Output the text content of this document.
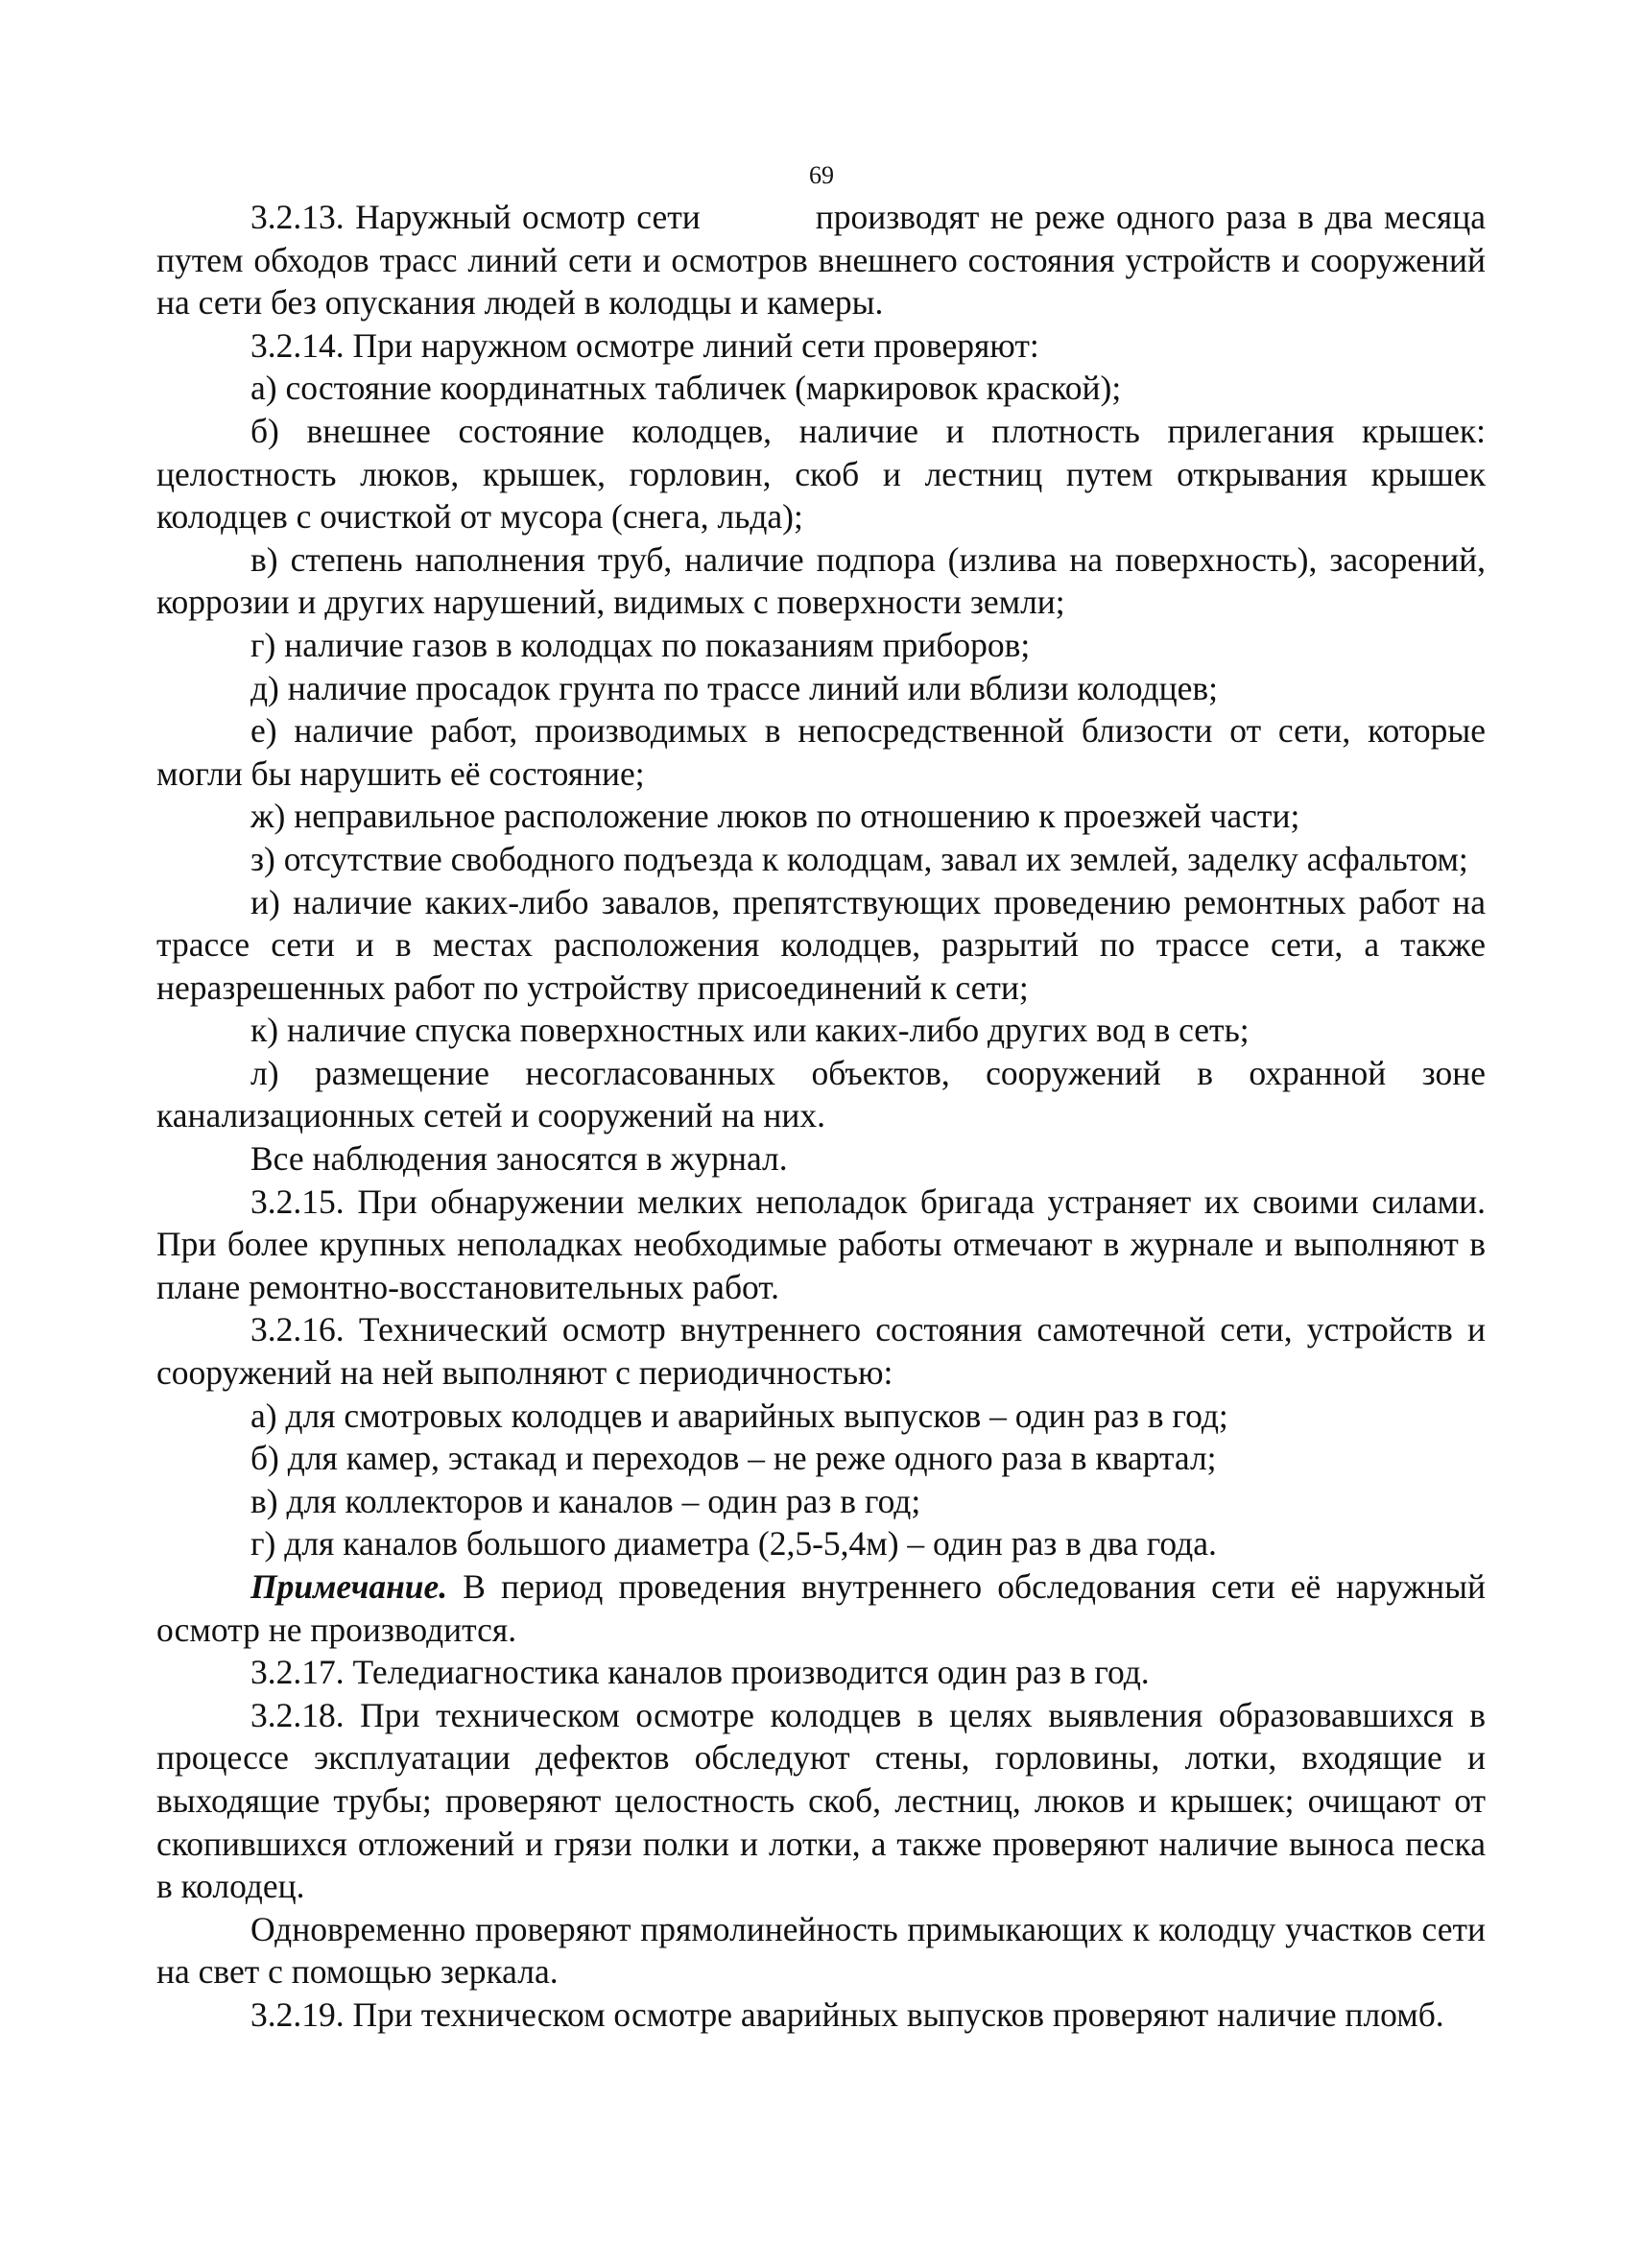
69

3.2.13. Наружный осмотр сети	производят не реже одного раза в два месяца путем обходов трасс линий сети и осмотров внешнего состояния устройств и сооружений на сети без опускания людей в колодцы и камеры.

3.2.14. При наружном осмотре линий сети проверяют:

а) состояние координатных табличек (маркировок краской);

б) внешнее состояние колодцев, наличие и плотность прилегания крышек: целостность люков, крышек, горловин, скоб и лестниц путем открывания крышек колодцев с очисткой от мусора (снега, льда);

в) степень наполнения труб, наличие подпора (излива на поверхность), засорений, коррозии и других нарушений, видимых с поверхности земли;

г) наличие газов в колодцах по показаниям приборов;

д) наличие просадок грунта по трассе линий или вблизи колодцев;

е) наличие работ, производимых в непосредственной близости от сети, которые могли бы нарушить её состояние;

ж) неправильное расположение люков по отношению к проезжей части;

з) отсутствие свободного подъезда к колодцам, завал их землей, заделку асфальтом;

и) наличие каких-либо завалов, препятствующих проведению ремонтных работ на трассе сети и в местах расположения колодцев, разрытий по трассе сети, а также неразрешенных работ по устройству присоединений к сети;

к) наличие спуска поверхностных или каких-либо других вод в сеть;

л) размещение несогласованных объектов, сооружений в охранной зоне канализационных сетей и сооружений на них.

Все наблюдения заносятся в журнал.

3.2.15. При обнаружении мелких неполадок бригада устраняет их своими силами. При более крупных неполадках необходимые работы отмечают в журнале и выполняют в плане ремонтно-восстановительных работ.

3.2.16. Технический осмотр внутреннего состояния самотечной сети, устройств и сооружений на ней выполняют с периодичностью:

а) для смотровых колодцев и аварийных выпусков – один раз в год;

б) для камер, эстакад и переходов – не реже одного раза в квартал;

в) для коллекторов и каналов – один раз в год;

г) для каналов большого диаметра (2,5-5,4м) – один раз в два года.

Примечание. В период проведения внутреннего обследования сети её наружный осмотр не производится.

3.2.17. Теледиагностика каналов производится один раз в год.

3.2.18. При техническом осмотре колодцев в целях выявления образовавшихся в процессе эксплуатации дефектов обследуют стены, горловины, лотки, входящие и выходящие трубы; проверяют целостность скоб, лестниц, люков и крышек; очищают от скопившихся отложений и грязи полки и лотки, а также проверяют наличие выноса песка в колодец.

Одновременно проверяют прямолинейность примыкающих к колодцу участков сети на свет с помощью зеркала.

3.2.19. При техническом осмотре аварийных выпусков проверяют наличие пломб.
